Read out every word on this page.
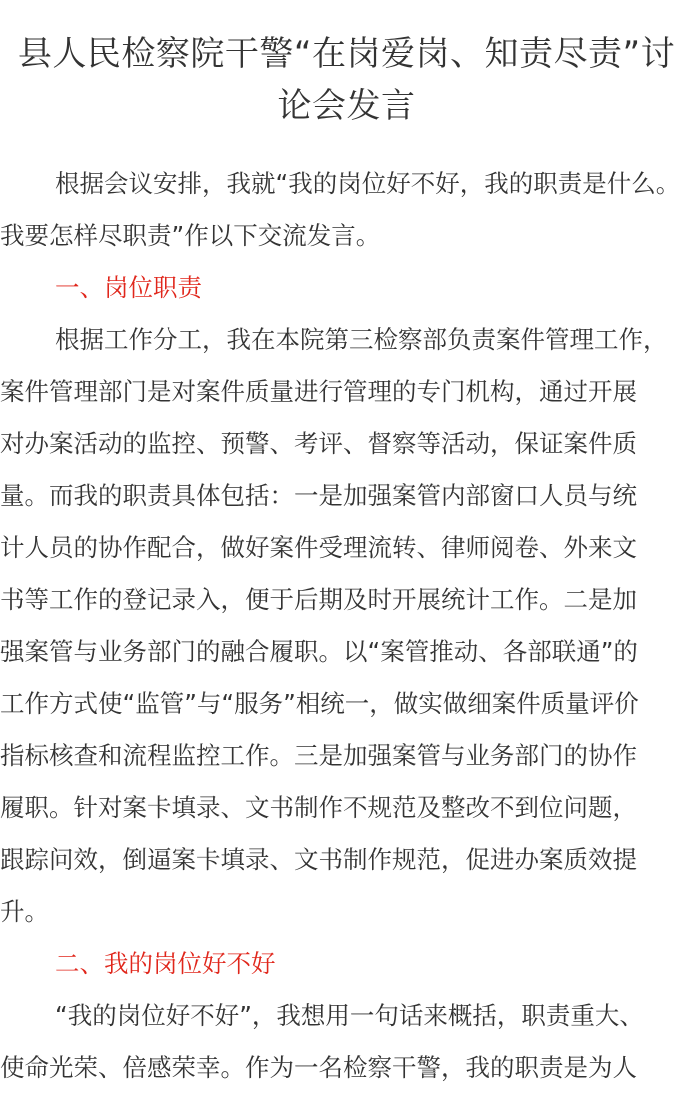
县人民检察院干警“在岗爱岗、知责尽责”讨
论会发言
根据会议安排，我就“我的岗位好不好，我的职责是什么。
我要怎样尽职责”作以下交流发言。
一、岗位职责
根据工作分工，我在本院第三检察部负责案件管理工作，
案件管理部门是对案件质量进行管理的专门机构，通过开展
对办案活动的监控、预警、考评、督察等活动，保证案件质
量。而我的职责具体包括：一是加强案管内部窗口人员与统
计人员的协作配合，做好案件受理流转、律师阅卷、外来文
书等工作的登记录入，便于后期及时开展统计工作。二是加
强案管与业务部门的融合履职。以“案管推动、各部联通”的
工作方式使“监管”与“服务”相统一，做实做细案件质量评价
指标核查和流程监控工作。三是加强案管与业务部门的协作
履职。针对案卡填录、文书制作不规范及整改不到位问题，
跟踪问效，倒逼案卡填录、文书制作规范，促进办案质效提
升。
二、我的岗位好不好
“我的岗位好不好”，我想用一句话来概括，职责重大、
使命光荣、倍感荣幸。作为一名检察干警，我的职责是为人
